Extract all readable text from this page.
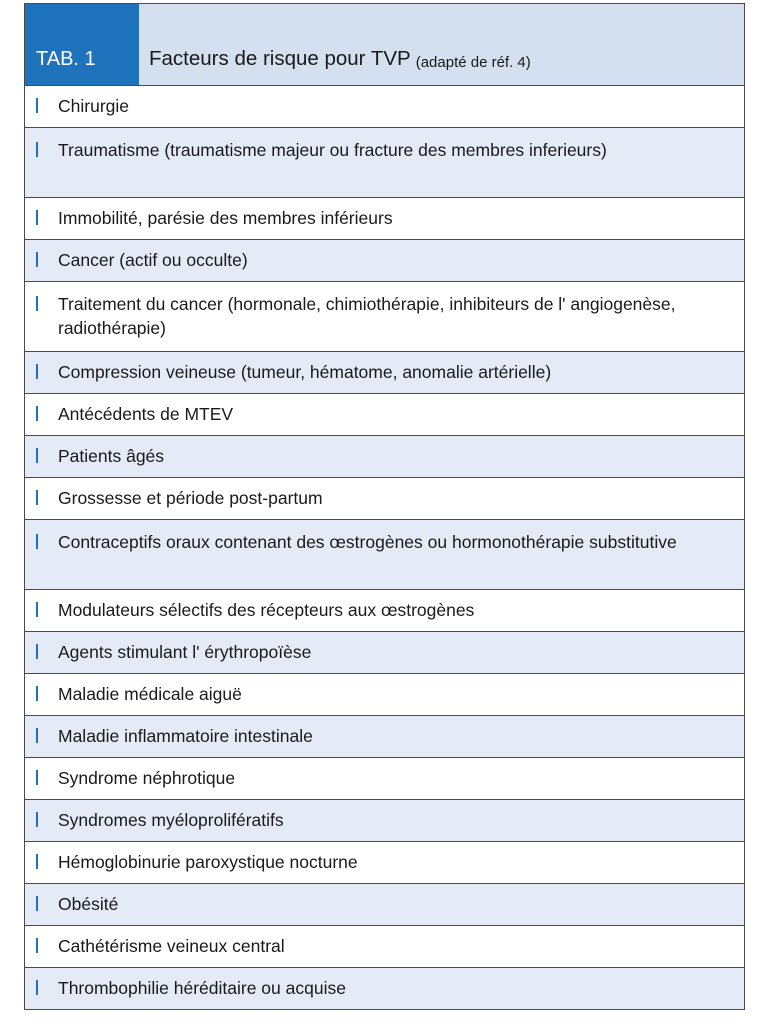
TAB. 1	Facteurs de risque pour TVP (adapté de réf. 4)
Chirurgie
Traumatisme (traumatisme majeur ou fracture des membres inferieurs)
Immobilité, parésie des membres inférieurs
Cancer (actif ou occulte)
Traitement du cancer (hormonale, chimiothérapie, inhibiteurs de l' angiogenèse, radiothérapie)
Compression veineuse (tumeur, hématome, anomalie artérielle)
Antécédents de MTEV
Patients âgés
Grossesse et période post-partum
Contraceptifs oraux contenant des œstrogènes ou hormonothérapie substitutive
Modulateurs sélectifs des récepteurs aux œstrogènes
Agents stimulant l' érythropoïèse
Maladie médicale aiguë
Maladie inflammatoire intestinale
Syndrome néphrotique
Syndromes myéloprolifératifs
Hémoglobinurie paroxystique nocturne
Obésité
Cathétérisme veineux central
Thrombophilie héréditaire ou acquise
